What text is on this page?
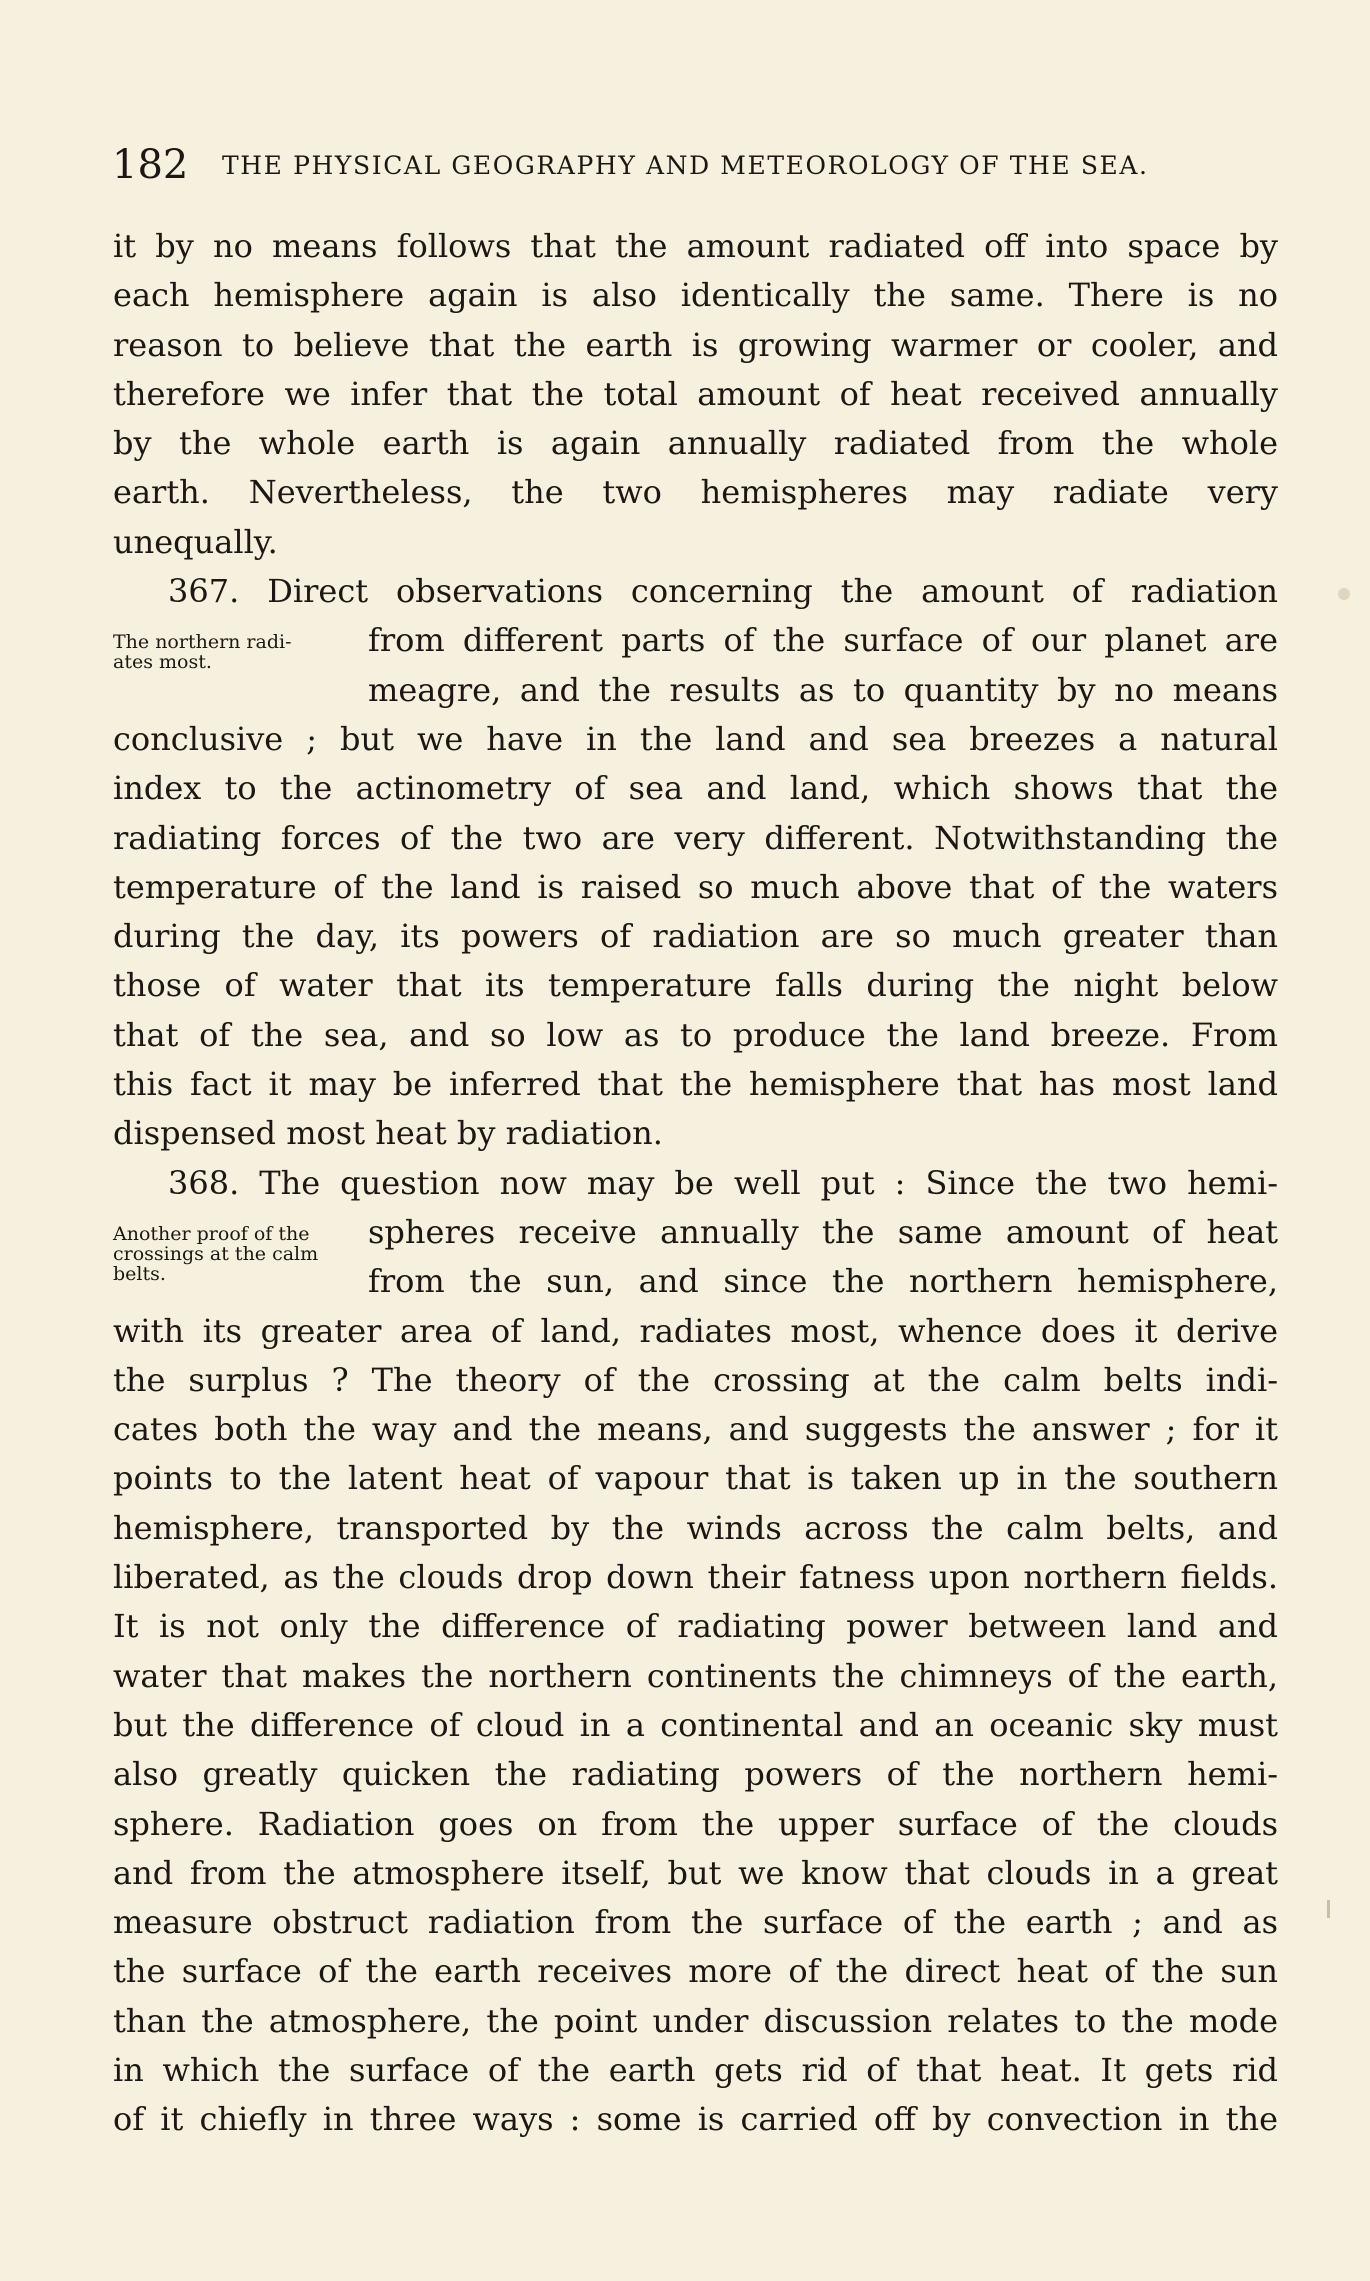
182 THE PHYSICAL GEOGRAPHY AND METEOROLOGY OF THE SEA.
The northern radi-
ates most.
Another proof of the
crossings at the calm
belts.
it by no means follows that the amount radiated off into space by
each hemisphere again is also identically the same. There is no
reason to believe that the earth is growing warmer or cooler, and
therefore we infer that the total amount of heat received annually
by the whole earth is again annually radiated from the whole
earth. Nevertheless, the two hemispheres may radiate very
unequally.
367. Direct observations concerning the amount of radiation
from different parts of the surface of our planet are
meagre, and the results as to quantity by no means
conclusive ; but we have in the land and sea breezes a natural
index to the actinometry of sea and land, which shows that the
radiating forces of the two are very different. Notwithstanding the
temperature of the land is raised so much above that of the waters
during the day, its powers of radiation are so much greater than
those of water that its temperature falls during the night below
that of the sea, and so low as to produce the land breeze. From
this fact it may be inferred that the hemisphere that has most land
dispensed most heat by radiation.
368. The question now may be well put : Since the two hemi-
spheres receive annually the same amount of heat
from the sun, and since the northern hemisphere,
with its greater area of land, radiates most, whence does it derive
the surplus ? The theory of the crossing at the calm belts indi-
cates both the way and the means, and suggests the answer ; for it
points to the latent heat of vapour that is taken up in the southern
hemisphere, transported by the winds across the calm belts, and
liberated, as the clouds drop down their fatness upon northern fields.
It is not only the difference of radiating power between land and
water that makes the northern continents the chimneys of the earth,
but the difference of cloud in a continental and an oceanic sky must
also greatly quicken the radiating powers of the northern hemi-
sphere. Radiation goes on from the upper surface of the clouds
and from the atmosphere itself, but we know that clouds in a great
measure obstruct radiation from the surface of the earth ; and as
the surface of the earth receives more of the direct heat of the sun
than the atmosphere, the point under discussion relates to the mode
in which the surface of the earth gets rid of that heat. It gets rid
of it chiefly in three ways : some is carried off by convection in the
